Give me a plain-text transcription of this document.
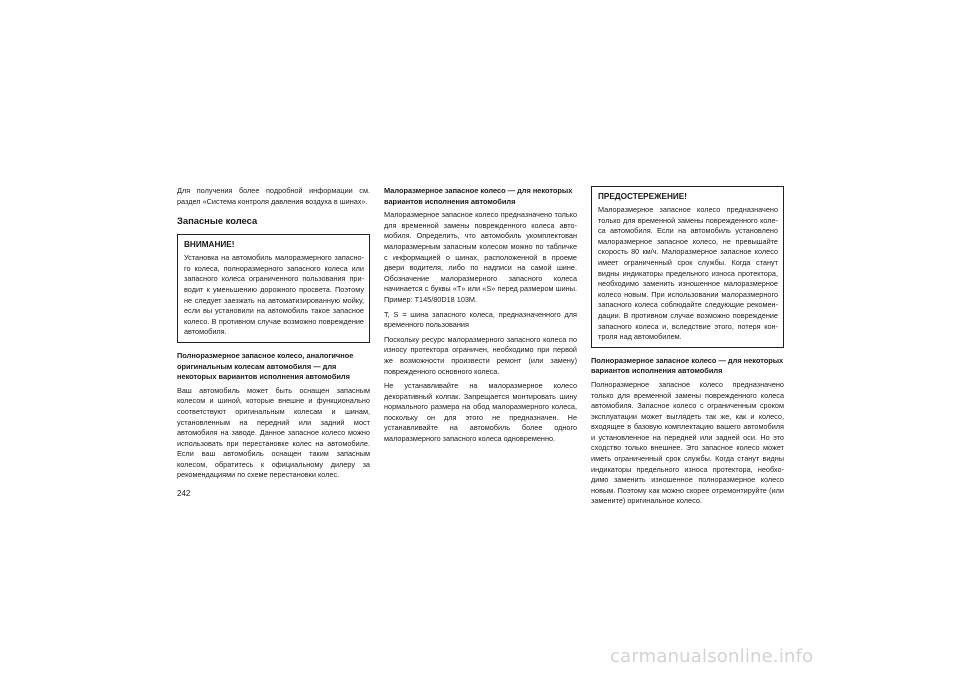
Для получения более подробной информации см. раздел «Система контроля давления воздуха в шинах».

Запасные колеса
ВНИМАНИЕ!

Установка на автомобиль малоразмерного запасного колеса, полноразмерного запасного колеса или запасного колеса ограниченного пользования приводит к уменьшению дорожного просвета. Поэтому не следует заезжать на автоматизированную мойку, если вы установили на автомобиль такое запасное колесо. В противном случае возможно повреждение автомобиля.

Полноразмерное запасное колесо, аналогичное оригинальным колесам автомобиля — для некоторых вариантов исполнения автомобиля

Ваш автомобиль может быть оснащен запасным колесом и шиной, которые внешне и функционально соответствуют оригинальным колесам и шинам, установленным на передний или задний мост автомобиля на заводе. Данное запасное колесо можно использовать при перестановке колес на автомобиле. Если ваш автомобиль оснащен таким запасным колесом, обратитесь к официальному дилеру за рекомендациями по схеме перестановки колес.

Малоразмерное запасное колесо — для некоторых вариантов исполнения автомобиля

Малоразмерное запасное колесо предназначено только для временной замены поврежденного колеса автомобиля. Определить, что автомобиль укомплектован малоразмерным запасным колесом можно по табличке с информацией о шинах, расположенной в проеме двери водителя, либо по надписи на самой шине. Обозначение малоразмерного запасного колеса начинается с буквы «T» или «S» перед размером шины. Пример: T145/80D18 103M.

T, S = шина запасного колеса, предназначенного для временного пользования

Поскольку ресурс малоразмерного запасного колеса по износу протектора ограничен, необходимо при первой же возможности произвести ремонт (или замену) поврежденного основного колеса.

Не устанавливайте на малоразмерное колесо декоративный колпак. Запрещается монтировать шину нормального размера на обод малоразмерного колеса, поскольку он для этого не предназначен. Не устанавливайте на автомобиль более одного малоразмерного запасного колеса одновременно.

ПРЕДОСТЕРЕЖЕНИЕ!

Малоразмерное запасное колесо предназначено только для временной замены поврежденного колеса автомобиля. Если на автомобиль установлено малоразмерное запасное колесо, не превышайте скорость 80 км/ч. Малоразмерное запасное колесо имеет ограниченный срок службы. Когда станут видны индикаторы предельного износа протектора, необходимо заменить изношенное малоразмерное колесо новым. При использовании малоразмерного запасного колеса соблюдайте следующие рекомендации. В противном случае возможно повреждение запасного колеса и, вследствие этого, потеря контроля над автомобилем.

Полноразмерное запасное колесо — для некоторых вариантов исполнения автомобиля

Полноразмерное запасное колесо предназначено только для временной замены поврежденного колеса автомобиля. Запасное колесо с ограниченным сроком эксплуатации может выглядеть так же, как и колесо, входящее в базовую комплектацию вашего автомобиля и установленное на передней или задней оси. Но это сходство только внешнее. Это запасное колесо может иметь ограниченный срок службы. Когда станут видны индикаторы предельного износа протектора, необходимо заменить изношенное полноразмерное колесо новым. Поэтому как можно скорее отремонтируйте (или замените) оригинальное колесо.

242
carmanualsonline.info
